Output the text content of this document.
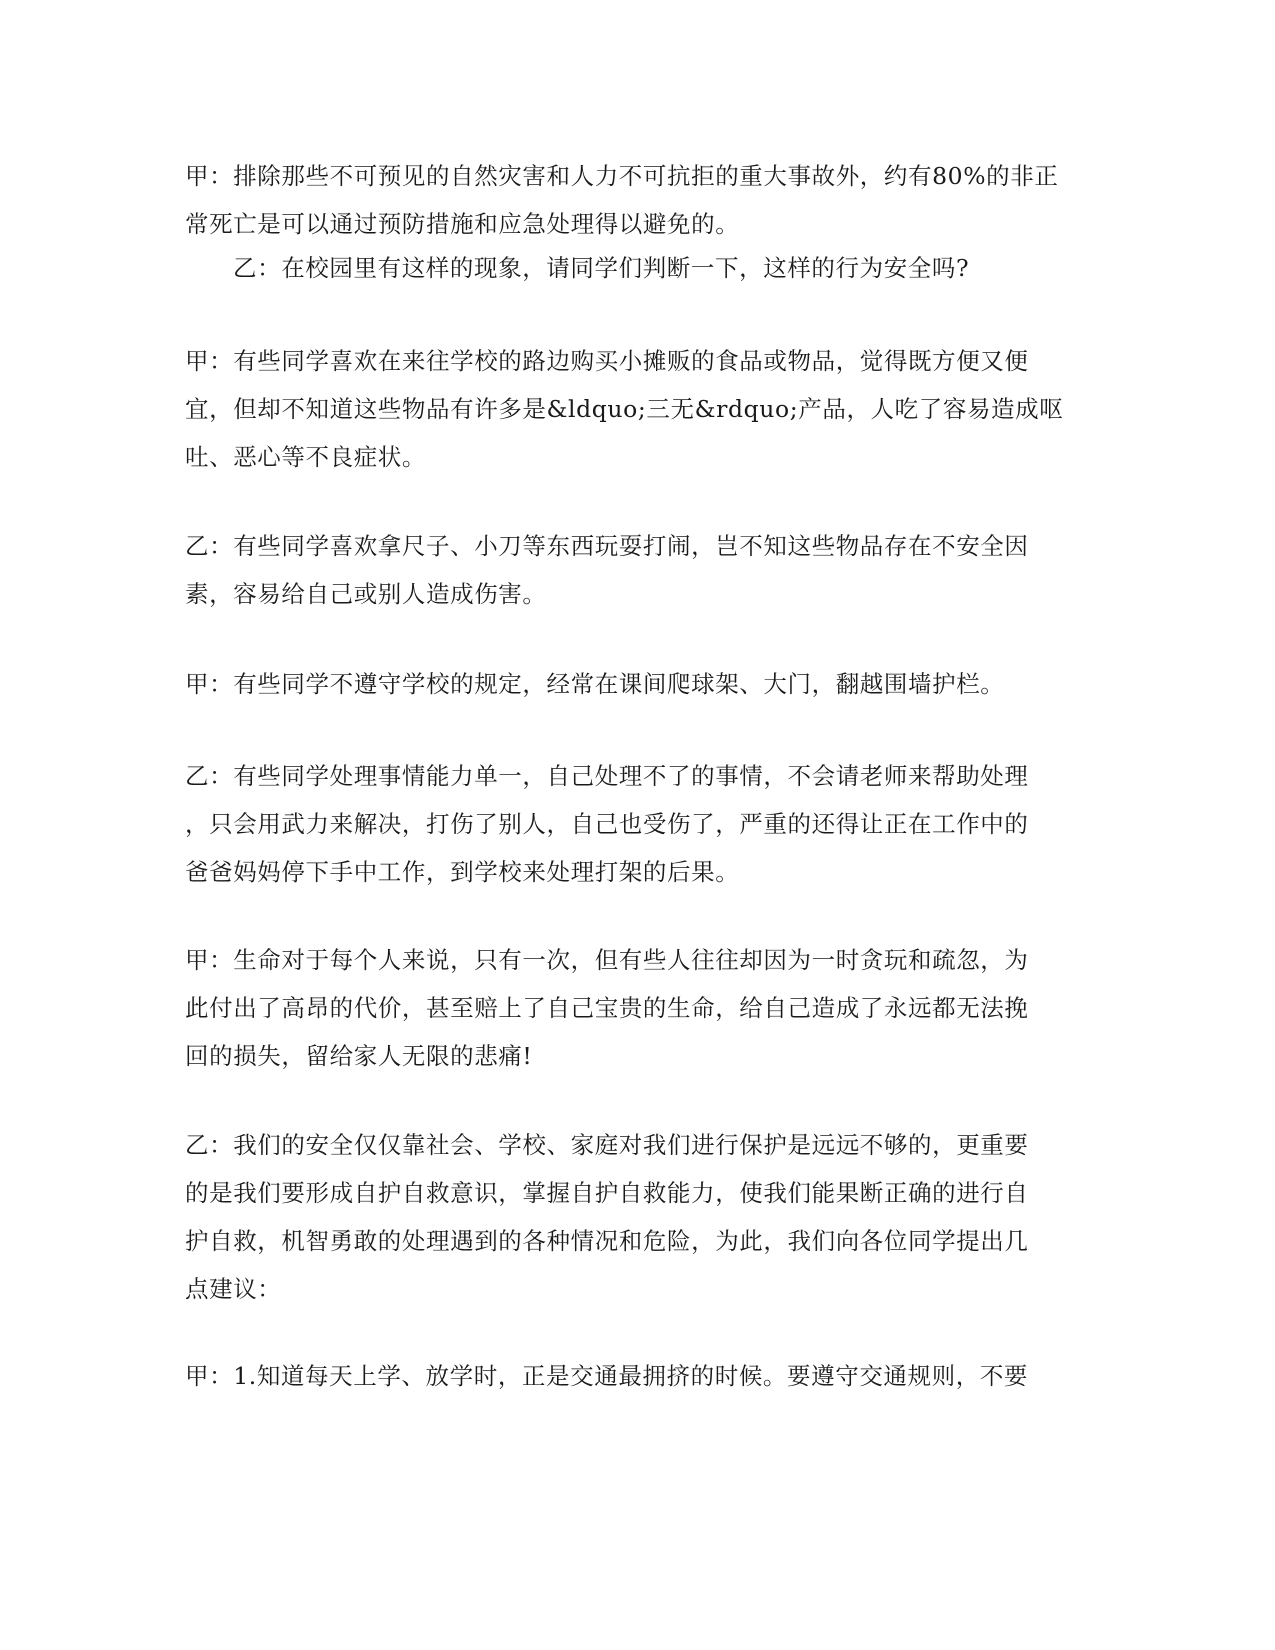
甲：排除那些不可预见的自然灾害和人力不可抗拒的重大事故外，约有80%的非正
常死亡是可以通过预防措施和应急处理得以避免的。
乙：在校园里有这样的现象，请同学们判断一下，这样的行为安全吗?
甲：有些同学喜欢在来往学校的路边购买小摊贩的食品或物品，觉得既方便又便
宜，但却不知道这些物品有许多是&ldquo;三无&rdquo;产品，人吃了容易造成呕
吐、恶心等不良症状。
乙：有些同学喜欢拿尺子、小刀等东西玩耍打闹，岂不知这些物品存在不安全因
素，容易给自己或别人造成伤害。
甲：有些同学不遵守学校的规定，经常在课间爬球架、大门，翻越围墙护栏。
乙：有些同学处理事情能力单一，自己处理不了的事情，不会请老师来帮助处理
，只会用武力来解决，打伤了别人，自己也受伤了，严重的还得让正在工作中的
爸爸妈妈停下手中工作，到学校来处理打架的后果。
甲：生命对于每个人来说，只有一次，但有些人往往却因为一时贪玩和疏忽，为
此付出了高昂的代价，甚至赔上了自己宝贵的生命，给自己造成了永远都无法挽
回的损失，留给家人无限的悲痛!
乙：我们的安全仅仅靠社会、学校、家庭对我们进行保护是远远不够的，更重要
的是我们要形成自护自救意识，掌握自护自救能力，使我们能果断正确的进行自
护自救，机智勇敢的处理遇到的各种情况和危险，为此，我们向各位同学提出几
点建议：
甲：1.知道每天上学、放学时，正是交通最拥挤的时候。要遵守交通规则，不要
